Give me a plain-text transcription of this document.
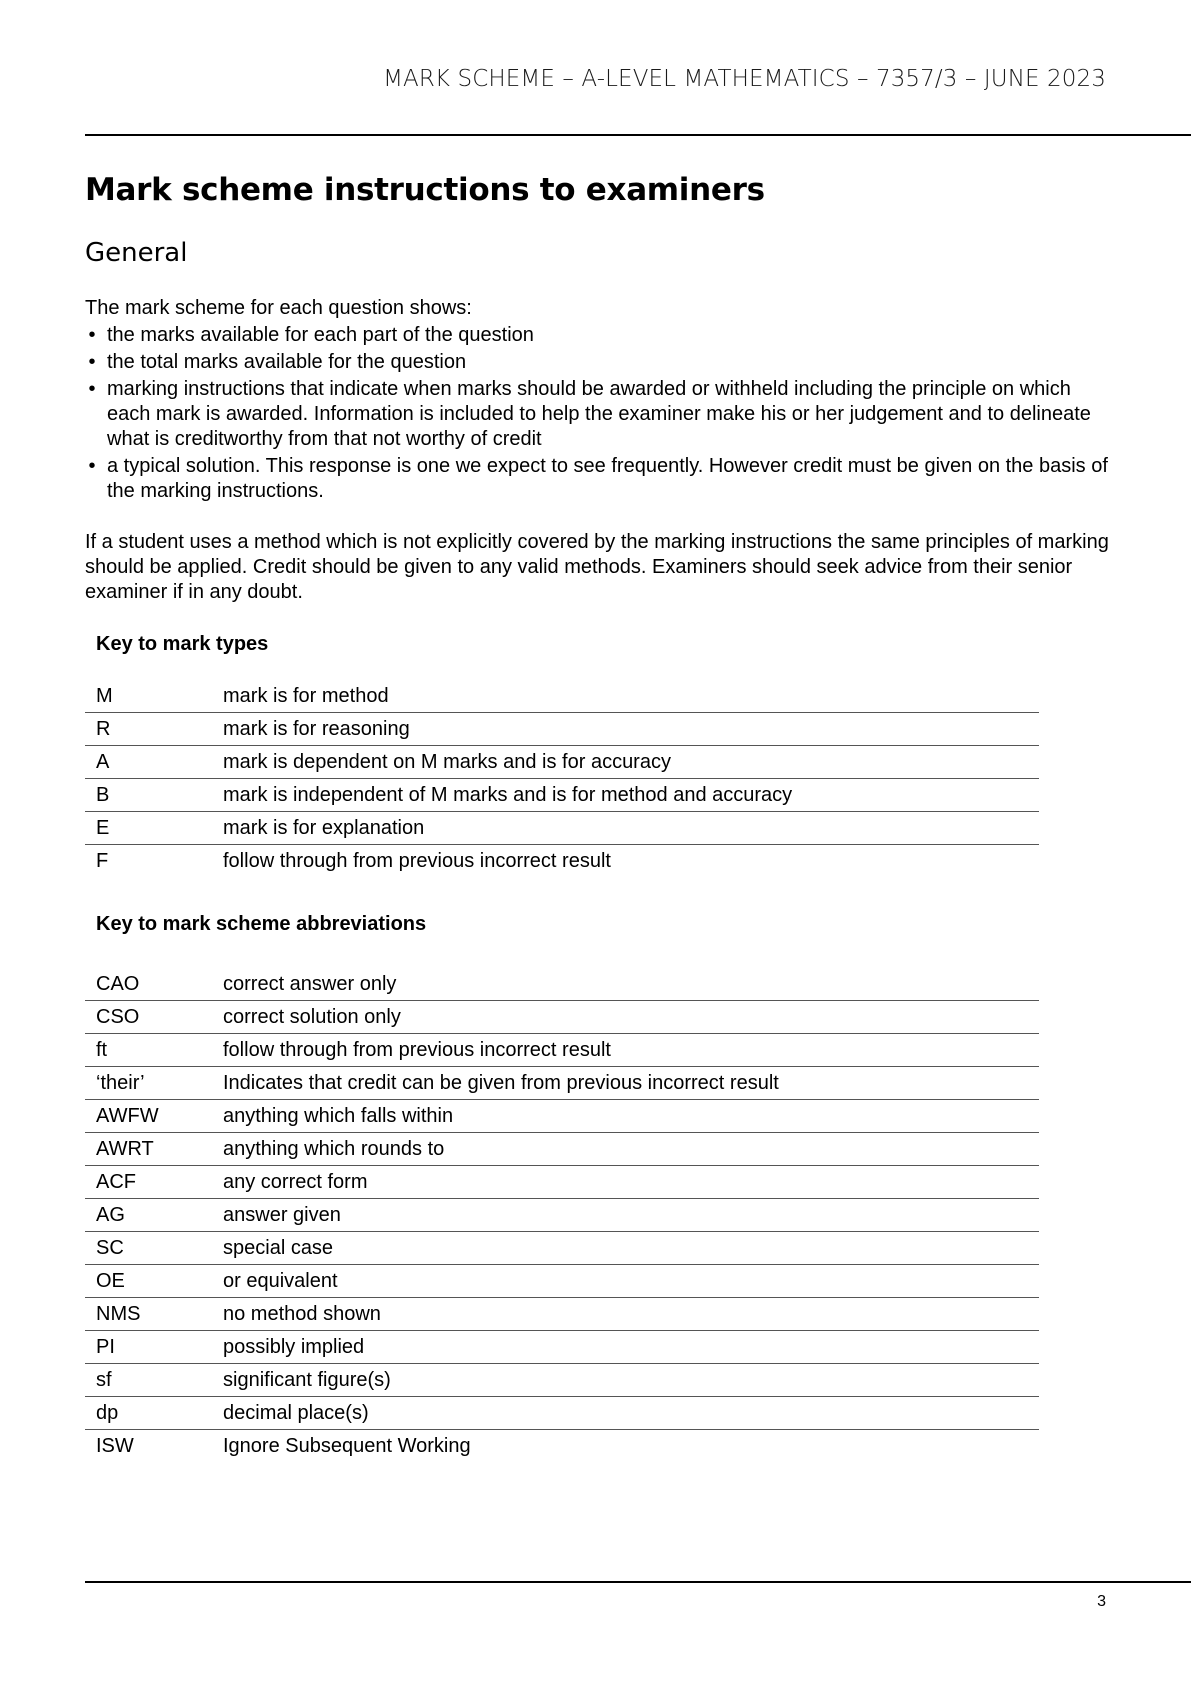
MARK SCHEME – A-LEVEL MATHEMATICS – 7357/3 – JUNE 2023
Mark scheme instructions to examiners
General

The mark scheme for each question shows:

• the marks available for each part of the question
• the total marks available for the question
• marking instructions that indicate when marks should be awarded or withheld including the principle on which each mark is awarded. Information is included to help the examiner make his or her judgement and to delineate what is creditworthy from that not worthy of credit
• a typical solution. This response is one we expect to see frequently. However credit must be given on the basis of the marking instructions.

If a student uses a method which is not explicitly covered by the marking instructions the same principles of marking should be applied. Credit should be given to any valid methods. Examiners should seek advice from their senior examiner if in any doubt.

Key to mark types
M	mark is for method
R	mark is for reasoning
A	mark is dependent on M marks and is for accuracy
B	mark is independent of M marks and is for method and accuracy
E	mark is for explanation
F	follow through from previous incorrect result
Key to mark scheme abbreviations
CAO	correct answer only
CSO	correct solution only
ft	follow through from previous incorrect result
‘their’	Indicates that credit can be given from previous incorrect result
AWFW	anything which falls within
AWRT	anything which rounds to
ACF	any correct form
AG	answer given
SC	special case
OE	or equivalent
NMS	no method shown
PI	possibly implied
sf	significant figure(s)
dp	decimal place(s)
ISW	Ignore Subsequent Working
3
